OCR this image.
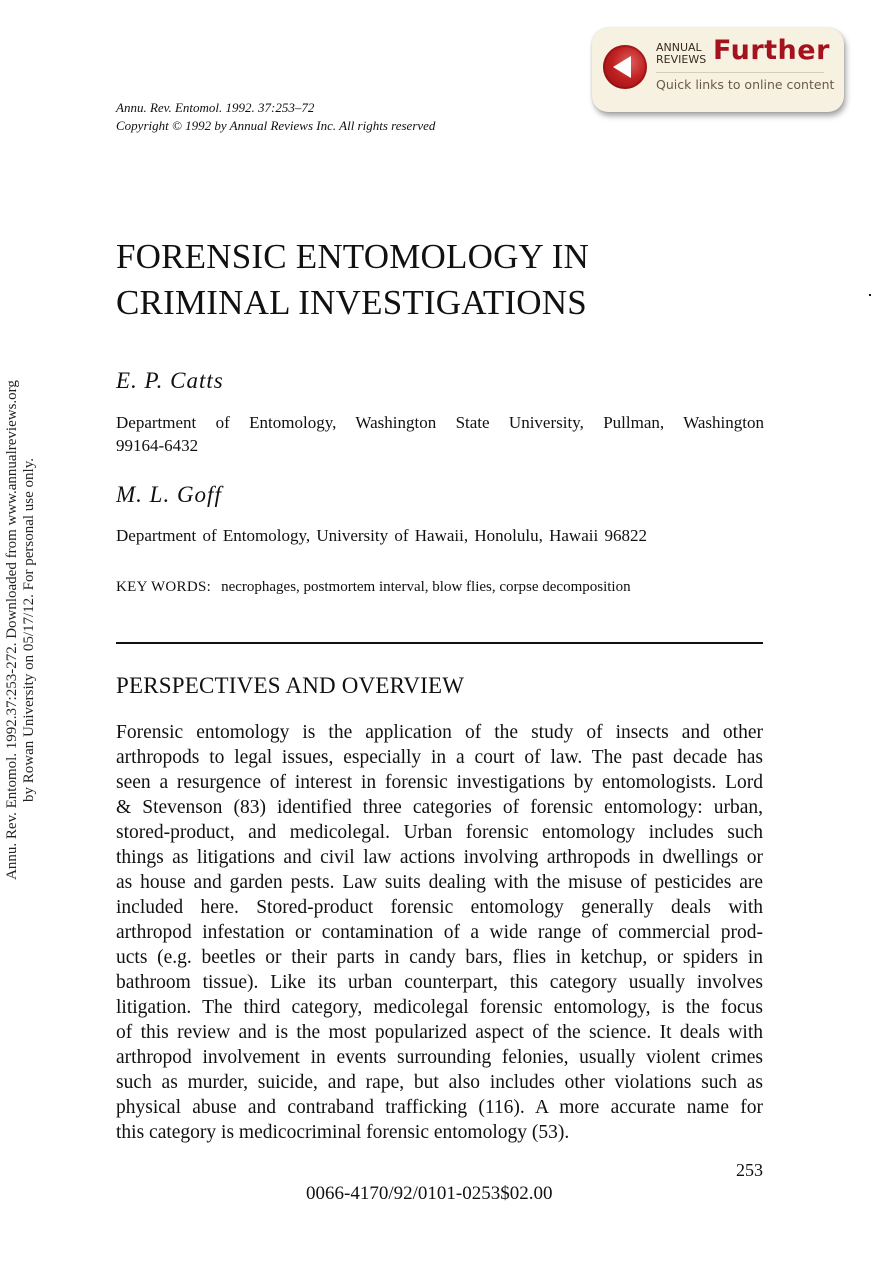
ANNUAL
REVIEWS Further
Quick links to online content
Annu. Rev. Entomol. 1992. 37:253–72
Copyright © 1992 by Annual Reviews Inc. All rights reserved
Annu. Rev. Entomol. 1992.37:253-272. Downloaded from www.annualreviews.org by Rowan University on 05/17/12. For personal use only.
FORENSIC ENTOMOLOGY IN
CRIMINAL INVESTIGATIONS
E. P. Catts
Department of Entomology, Washington State University, Pullman, Washington
99164-6432
M. L. Goff
Department of Entomology, University of Hawaii, Honolulu, Hawaii 96822
KEY WORDS: necrophages, postmortem interval, blow flies, corpse decomposition
PERSPECTIVES AND OVERVIEW
Forensic entomology is the application of the study of insects and other
arthropods to legal issues, especially in a court of law. The past decade has
seen a resurgence of interest in forensic investigations by entomologists. Lord
& Stevenson (83) identified three categories of forensic entomology: urban,
stored-product, and medicolegal. Urban forensic entomology includes such
things as litigations and civil law actions involving arthropods in dwellings or
as house and garden pests. Law suits dealing with the misuse of pesticides are
included here. Stored-product forensic entomology generally deals with
arthropod infestation or contamination of a wide range of commercial prod-
ucts (e.g. beetles or their parts in candy bars, flies in ketchup, or spiders in
bathroom tissue). Like its urban counterpart, this category usually involves
litigation. The third category, medicolegal forensic entomology, is the focus
of this review and is the most popularized aspect of the science. It deals with
arthropod involvement in events surrounding felonies, usually violent crimes
such as murder, suicide, and rape, but also includes other violations such as
physical abuse and contraband trafficking (116). A more accurate name for
this category is medicocriminal forensic entomology (53).
253
0066-4170/92/0101-0253$02.00
